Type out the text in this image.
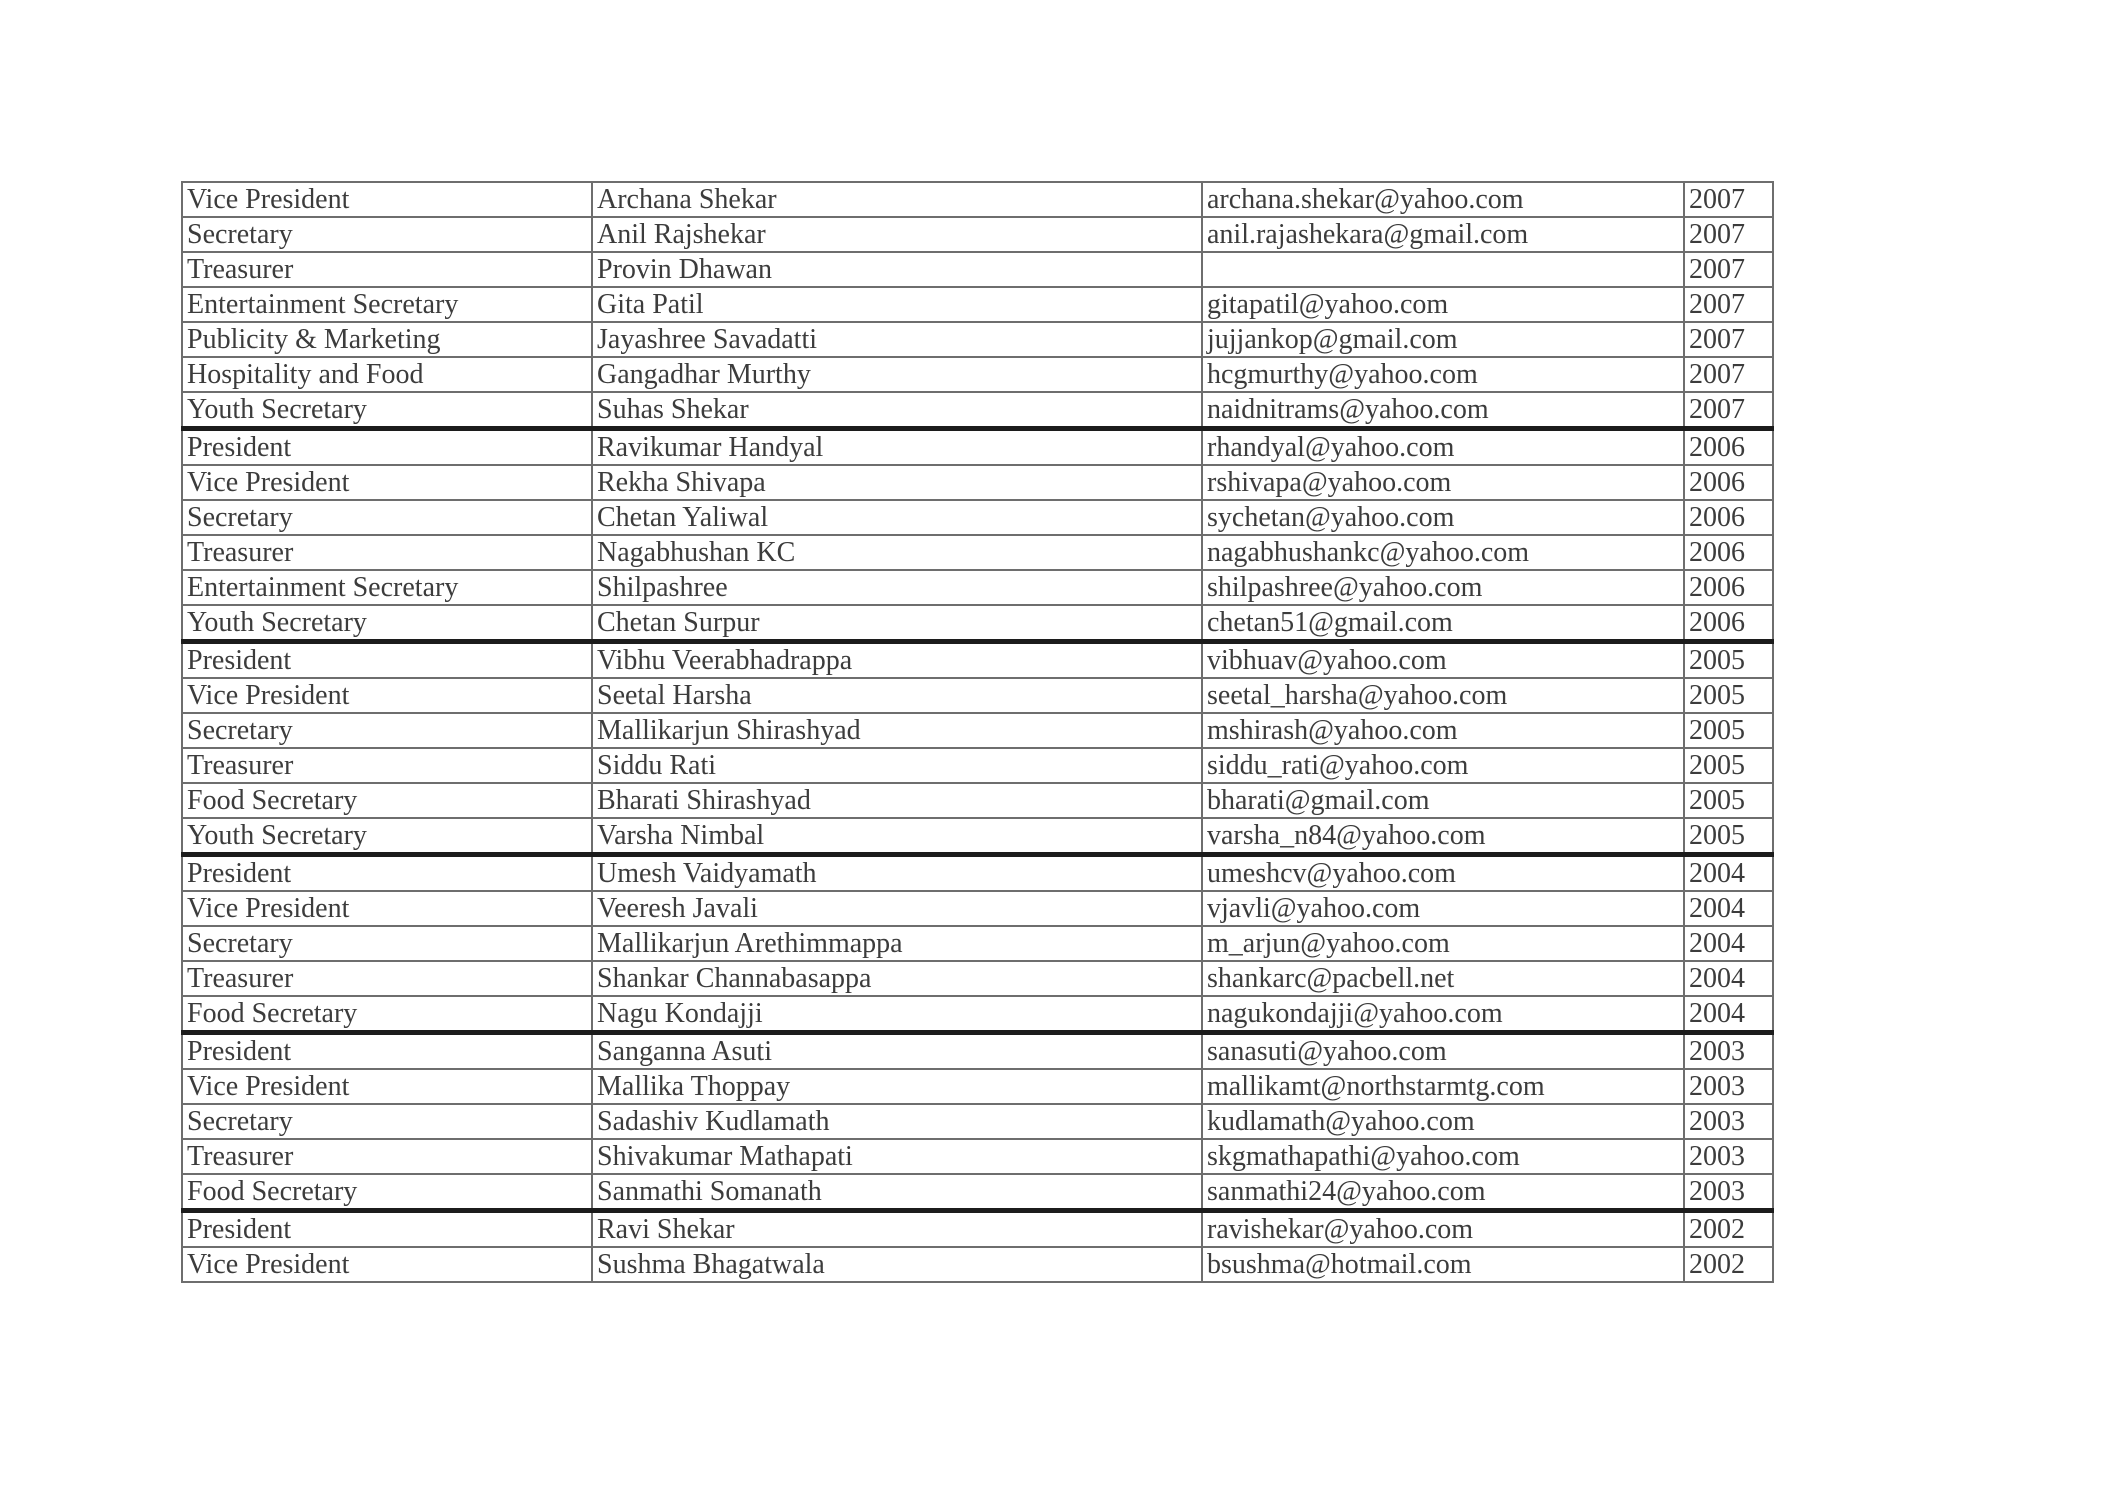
Vice President	Archana Shekar	archana.shekar@yahoo.com	2007
Secretary	Anil Rajshekar	anil.rajashekara@gmail.com	2007
Treasurer	Provin Dhawan		2007
Entertainment Secretary	Gita Patil	gitapatil@yahoo.com	2007
Publicity & Marketing	Jayashree Savadatti	jujjankop@gmail.com	2007
Hospitality and Food	Gangadhar Murthy	hcgmurthy@yahoo.com	2007
Youth Secretary	Suhas Shekar	naidnitrams@yahoo.com	2007
President	Ravikumar Handyal	rhandyal@yahoo.com	2006
Vice President	Rekha Shivapa	rshivapa@yahoo.com	2006
Secretary	Chetan Yaliwal	sychetan@yahoo.com	2006
Treasurer	Nagabhushan KC	nagabhushankc@yahoo.com	2006
Entertainment Secretary	Shilpashree	shilpashree@yahoo.com	2006
Youth Secretary	Chetan Surpur	chetan51@gmail.com	2006
President	Vibhu Veerabhadrappa	vibhuav@yahoo.com	2005
Vice President	Seetal Harsha	seetal_harsha@yahoo.com	2005
Secretary	Mallikarjun Shirashyad	mshirash@yahoo.com	2005
Treasurer	Siddu Rati	siddu_rati@yahoo.com	2005
Food Secretary	Bharati Shirashyad	bharati@gmail.com	2005
Youth Secretary	Varsha Nimbal	varsha_n84@yahoo.com	2005
President	Umesh Vaidyamath	umeshcv@yahoo.com	2004
Vice President	Veeresh Javali	vjavli@yahoo.com	2004
Secretary	Mallikarjun Arethimmappa	m_arjun@yahoo.com	2004
Treasurer	Shankar Channabasappa	shankarc@pacbell.net	2004
Food Secretary	Nagu Kondajji	nagukondajji@yahoo.com	2004
President	Sanganna Asuti	sanasuti@yahoo.com	2003
Vice President	Mallika Thoppay	mallikamt@northstarmtg.com	2003
Secretary	Sadashiv Kudlamath	kudlamath@yahoo.com	2003
Treasurer	Shivakumar Mathapati	skgmathapathi@yahoo.com	2003
Food Secretary	Sanmathi Somanath	sanmathi24@yahoo.com	2003
President	Ravi Shekar	ravishekar@yahoo.com	2002
Vice President	Sushma Bhagatwala	bsushma@hotmail.com	2002
